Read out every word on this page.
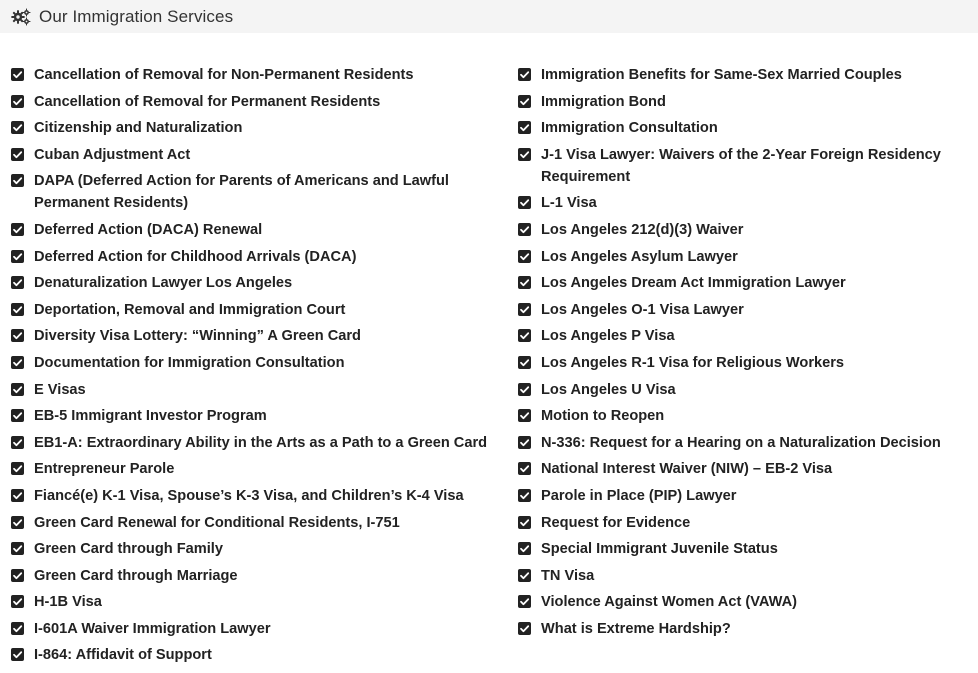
Our Immigration Services
Cancellation of Removal for Non-Permanent Residents
Cancellation of Removal for Permanent Residents
Citizenship and Naturalization
Cuban Adjustment Act
DAPA (Deferred Action for Parents of Americans and Lawful Permanent Residents)
Deferred Action (DACA) Renewal
Deferred Action for Childhood Arrivals (DACA)
Denaturalization Lawyer Los Angeles
Deportation, Removal and Immigration Court
Diversity Visa Lottery: “Winning” A Green Card
Documentation for Immigration Consultation
E Visas
EB-5 Immigrant Investor Program
EB1-A: Extraordinary Ability in the Arts as a Path to a Green Card
Entrepreneur Parole
Fiancé(e) K-1 Visa, Spouse’s K-3 Visa, and Children’s K-4 Visa
Green Card Renewal for Conditional Residents, I-751
Green Card through Family
Green Card through Marriage
H-1B Visa
I-601A Waiver Immigration Lawyer
I-864: Affidavit of Support
Immigration Benefits for Same-Sex Married Couples
Immigration Bond
Immigration Consultation
J-1 Visa Lawyer: Waivers of the 2-Year Foreign Residency Requirement
L-1 Visa
Los Angeles 212(d)(3) Waiver
Los Angeles Asylum Lawyer
Los Angeles Dream Act Immigration Lawyer
Los Angeles O-1 Visa Lawyer
Los Angeles P Visa
Los Angeles R-1 Visa for Religious Workers
Los Angeles U Visa
Motion to Reopen
N-336: Request for a Hearing on a Naturalization Decision
National Interest Waiver (NIW) – EB-2 Visa
Parole in Place (PIP) Lawyer
Request for Evidence
Special Immigrant Juvenile Status
TN Visa
Violence Against Women Act (VAWA)
What is Extreme Hardship?
